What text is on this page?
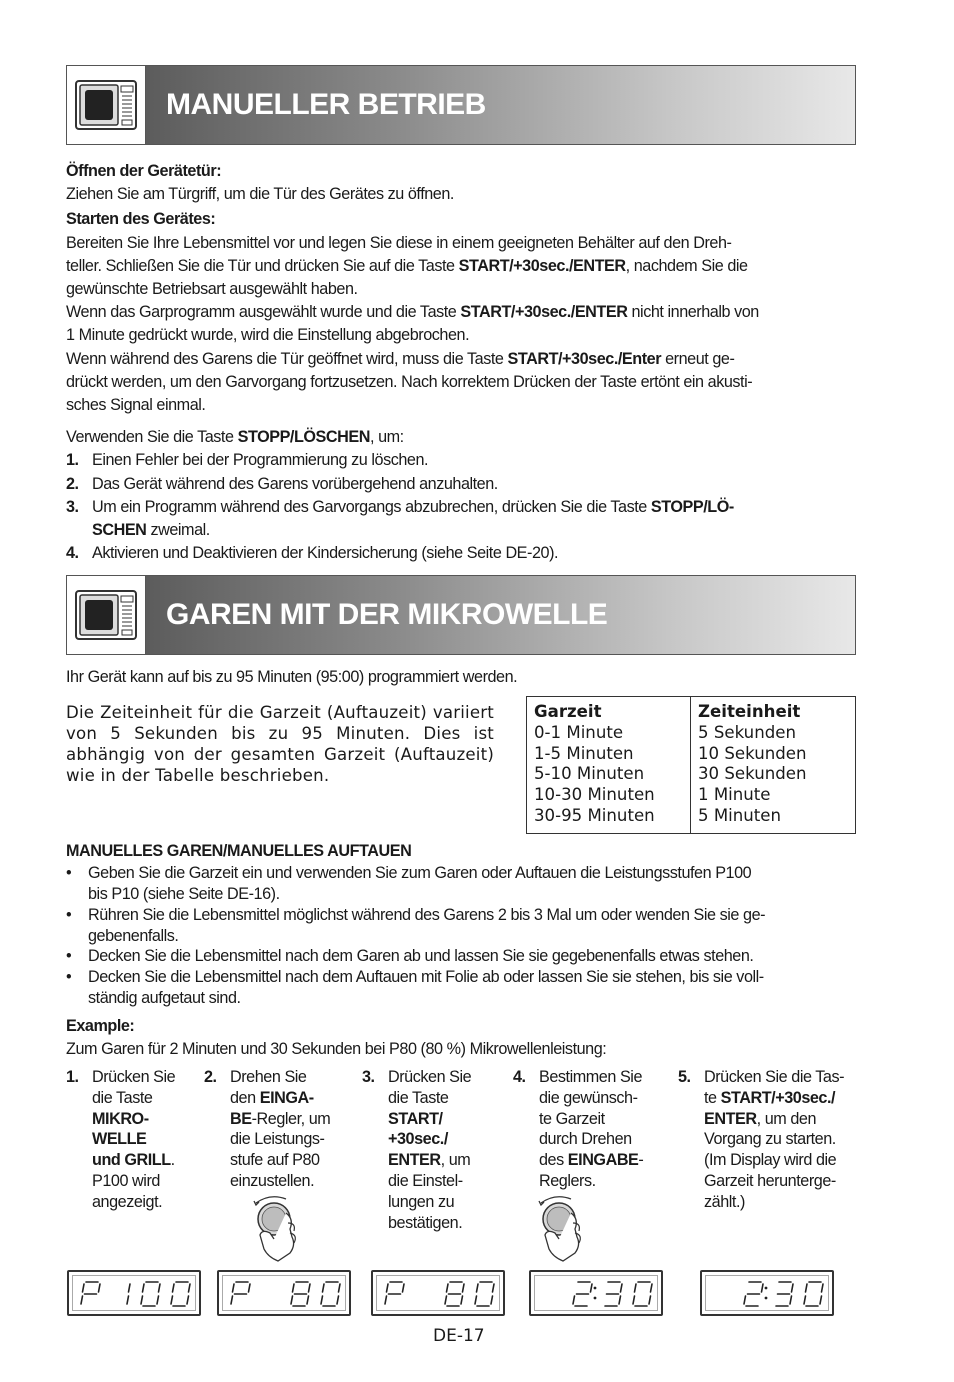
MANUELLER BETRIEB
Öffnen der Gerätetür:
Ziehen Sie am Türgriff, um die Tür des Gerätes zu öffnen.
Starten des Gerätes:
Bereiten Sie Ihre Lebensmittel vor und legen Sie diese in einem geeigneten Behälter auf den Dreh-
teller. Schließen Sie die Tür und drücken Sie auf die Taste START/+30sec./ENTER, nachdem Sie die
gewünschte Betriebsart ausgewählt haben.
Wenn das Garprogramm ausgewählt wurde und die Taste START/+30sec./ENTER nicht innerhalb von
1 Minute gedrückt wurde, wird die Einstellung abgebrochen.
Wenn während des Garens die Tür geöffnet wird, muss die Taste START/+30sec./Enter erneut ge-
drückt werden, um den Garvorgang fortzusetzen. Nach korrektem Drücken der Taste ertönt ein akusti-
sches Signal einmal.
Verwenden Sie die Taste STOPP/LÖSCHEN, um:
1. Einen Fehler bei der Programmierung zu löschen.
2. Das Gerät während des Garens vorübergehend anzuhalten.
3. Um ein Programm während des Garvorgangs abzubrechen, drücken Sie die Taste STOPP/LÖ-
SCHEN zweimal.
4. Aktivieren und Deaktivieren der Kindersicherung (siehe Seite DE-20).
GAREN MIT DER MIKROWELLE
Ihr Gerät kann auf bis zu 95 Minuten (95:00) programmiert werden.
Die Zeiteinheit für die Garzeit (Auftauzeit) variiert von 5 Sekunden bis zu 95 Minuten. Dies ist abhängig von der gesamten Garzeit (Auftauzeit) wie in der Tabelle beschrieben.
Garzeit
0-1 Minute
1-5 Minuten
5-10 Minuten
10-30 Minuten
30-95 Minuten
Zeiteinheit
5 Sekunden
10 Sekunden
30 Sekunden
1 Minute
5 Minuten
MANUELLES GAREN/MANUELLES AUFTAUEN
• Geben Sie die Garzeit ein und verwenden Sie zum Garen oder Auftauen die Leistungsstufen P100
bis P10 (siehe Seite DE-16).
• Rühren Sie die Lebensmittel möglichst während des Garens 2 bis 3 Mal um oder wenden Sie sie ge-
gebenenfalls.
• Decken Sie die Lebensmittel nach dem Garen ab und lassen Sie sie gegebenenfalls etwas stehen.
• Decken Sie die Lebensmittel nach dem Auftauen mit Folie ab oder lassen Sie sie stehen, bis sie voll-
ständig aufgetaut sind.
Example:
Zum Garen für 2 Minuten und 30 Sekunden bei P80 (80 %) Mikrowellenleistung:
1. Drücken Sie
die Taste
MIKRO-
WELLE
und GRILL.
P100 wird
angezeigt.
2. Drehen Sie
den EINGA-
BE-Regler, um
die Leistungs-
stufe auf P80
einzustellen.
3. Drücken Sie
die Taste
START/
+30sec./
ENTER, um
die Einstel-
lungen zu
bestätigen.
4. Bestimmen Sie
die gewünsch-
te Garzeit
durch Drehen
des EINGABE-
Reglers.
5. Drücken Sie die Tas-
te START/+30sec./
ENTER, um den
Vorgang zu starten.
(Im Display wird die
Garzeit herunterge-
zählt.)
DE-17
